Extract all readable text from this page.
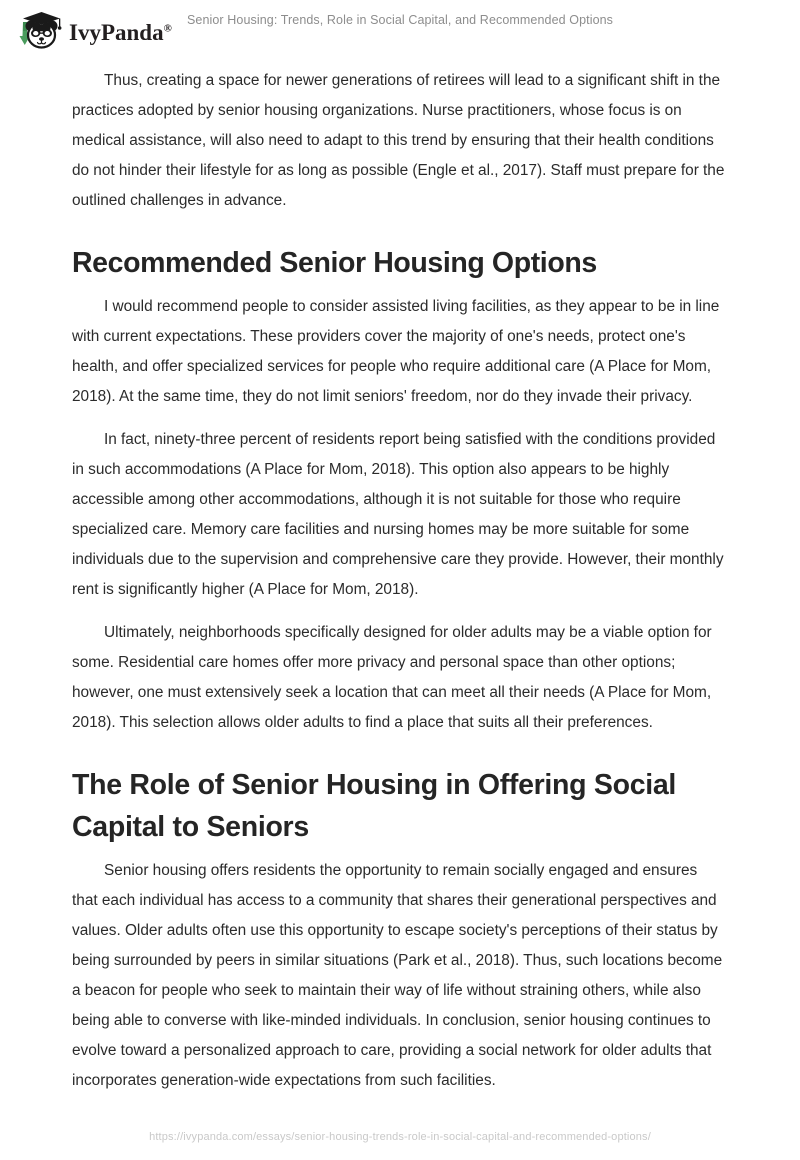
IvyPanda®
Senior Housing: Trends, Role in Social Capital, and Recommended Options

Thus, creating a space for newer generations of retirees will lead to a significant shift in the practices adopted by senior housing organizations. Nurse practitioners, whose focus is on medical assistance, will also need to adapt to this trend by ensuring that their health conditions do not hinder their lifestyle for as long as possible (Engle et al., 2017). Staff must prepare for the outlined challenges in advance.

Recommended Senior Housing Options

I would recommend people to consider assisted living facilities, as they appear to be in line with current expectations. These providers cover the majority of one's needs, protect one's health, and offer specialized services for people who require additional care (A Place for Mom, 2018). At the same time, they do not limit seniors' freedom, nor do they invade their privacy.

In fact, ninety-three percent of residents report being satisfied with the conditions provided in such accommodations (A Place for Mom, 2018). This option also appears to be highly accessible among other accommodations, although it is not suitable for those who require specialized care. Memory care facilities and nursing homes may be more suitable for some individuals due to the supervision and comprehensive care they provide. However, their monthly rent is significantly higher (A Place for Mom, 2018).

Ultimately, neighborhoods specifically designed for older adults may be a viable option for some. Residential care homes offer more privacy and personal space than other options; however, one must extensively seek a location that can meet all their needs (A Place for Mom, 2018). This selection allows older adults to find a place that suits all their preferences.

The Role of Senior Housing in Offering Social Capital to Seniors

Senior housing offers residents the opportunity to remain socially engaged and ensures that each individual has access to a community that shares their generational perspectives and values. Older adults often use this opportunity to escape society's perceptions of their status by being surrounded by peers in similar situations (Park et al., 2018). Thus, such locations become a beacon for people who seek to maintain their way of life without straining others, while also being able to converse with like-minded individuals. In conclusion, senior housing continues to evolve toward a personalized approach to care, providing a social network for older adults that incorporates generation-wide expectations from such facilities.

https://ivypanda.com/essays/senior-housing-trends-role-in-social-capital-and-recommended-options/
